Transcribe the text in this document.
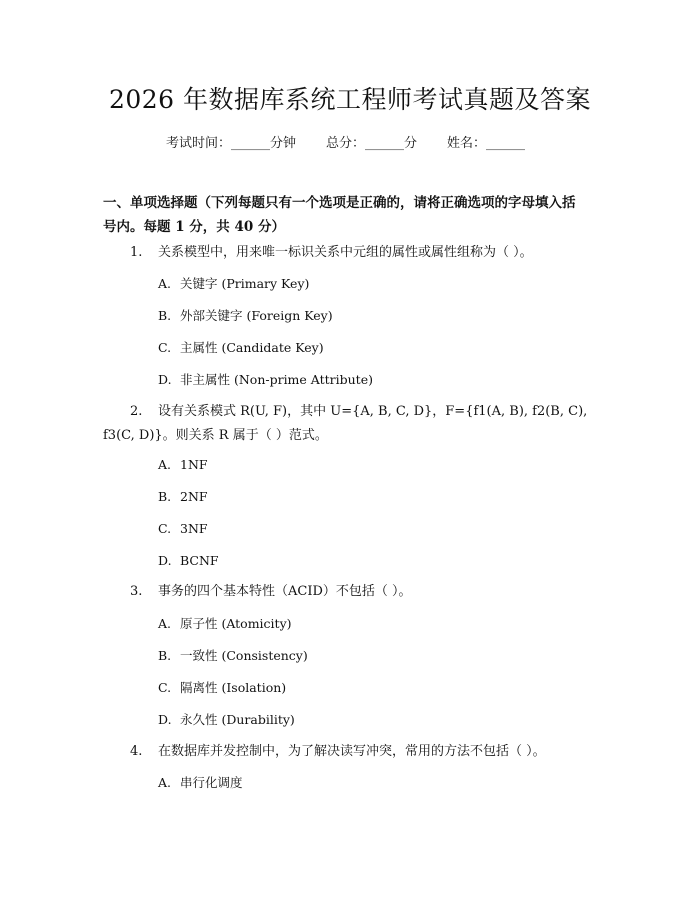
2026 年数据库系统工程师考试真题及答案
考试时间：______分钟 总分：______分 姓名：______
一、单项选择题（下列每题只有一个选项是正确的，请将正确选项的字母填入括
号内。每题 1 分，共 40 分）
1. 关系模型中，用来唯一标识关系中元组的属性或属性组称为（ ）。
A. 关键字 (Primary Key)
B. 外部关键字 (Foreign Key)
C. 主属性 (Candidate Key)
D. 非主属性 (Non-prime Attribute)
2. 设有关系模式 R(U, F)，其中 U={A, B, C, D}，F={f1(A, B), f2(B, C),
f3(C, D)}。则关系 R 属于（ ）范式。
A. 1NF
B. 2NF
C. 3NF
D. BCNF
3. 事务的四个基本特性（ACID）不包括（ ）。
A. 原子性 (Atomicity)
B. 一致性 (Consistency)
C. 隔离性 (Isolation)
D. 永久性 (Durability)
4. 在数据库并发控制中，为了解决读写冲突，常用的方法不包括（ ）。
A. 串行化调度
